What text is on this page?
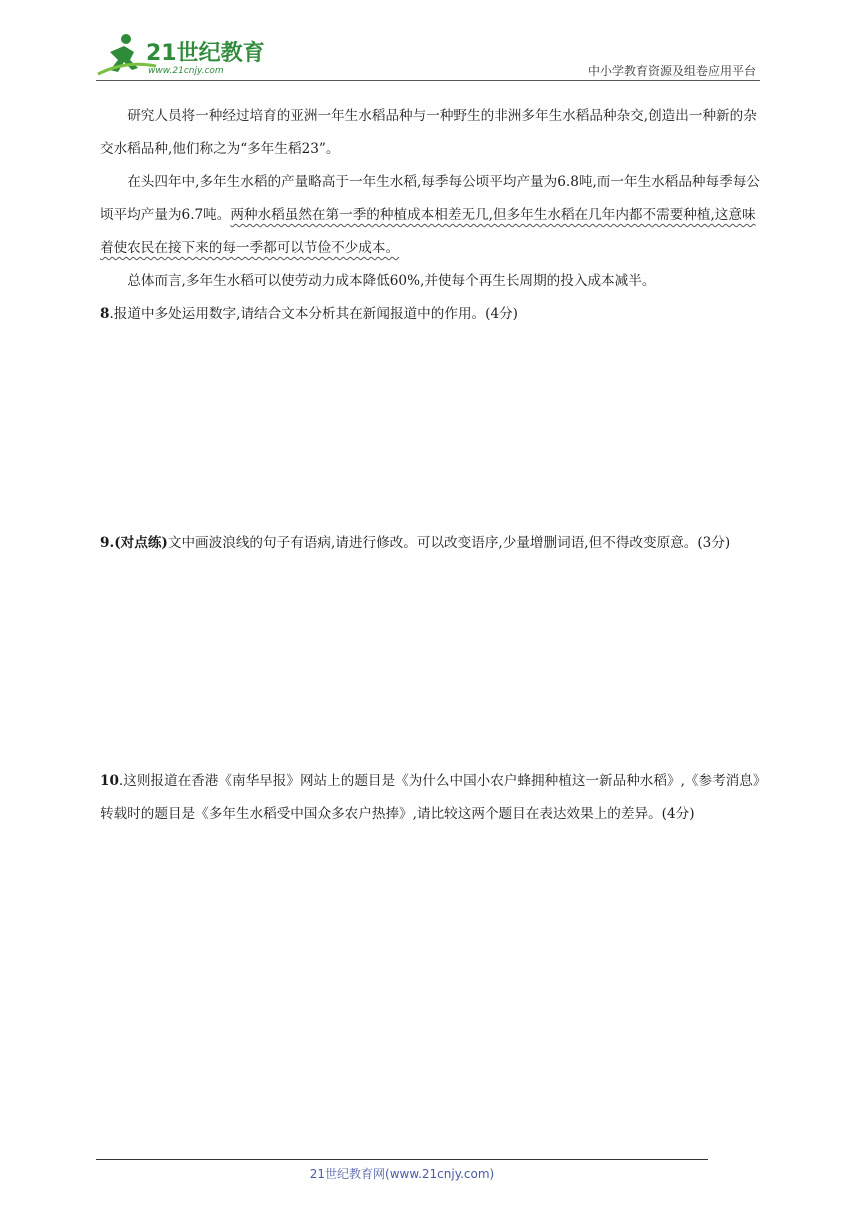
21世纪教育
www.21cnjy.com	中小学教育资源及组卷应用平台

研究人员将一种经过培育的亚洲一年生水稻品种与一种野生的非洲多年生水稻品种杂交,创造出一种新的杂交水稻品种,他们称之为“多年生稻23”。

在头四年中,多年生水稻的产量略高于一年生水稻,每季每公顷平均产量为6.8吨,而一年生水稻品种每季每公顷平均产量为6.7吨。两种水稻虽然在第一季的种植成本相差无几,但多年生水稻在几年内都不需要种植,这意味着使农民在接下来的每一季都可以节俭不少成本。

总体而言,多年生水稻可以使劳动力成本降低60%,并使每个再生长周期的投入成本减半。

8.报道中多处运用数字,请结合文本分析其在新闻报道中的作用。(4分)

9.(对点练)文中画波浪线的句子有语病,请进行修改。可以改变语序,少量增删词语,但不得改变原意。(3分)

10.这则报道在香港《南华早报》网站上的题目是《为什么中国小农户蜂拥种植这一新品种水稻》,《参考消息》转载时的题目是《多年生水稻受中国众多农户热捧》,请比较这两个题目在表达效果上的差异。(4分)

21世纪教育网(www.21cnjy.com)
